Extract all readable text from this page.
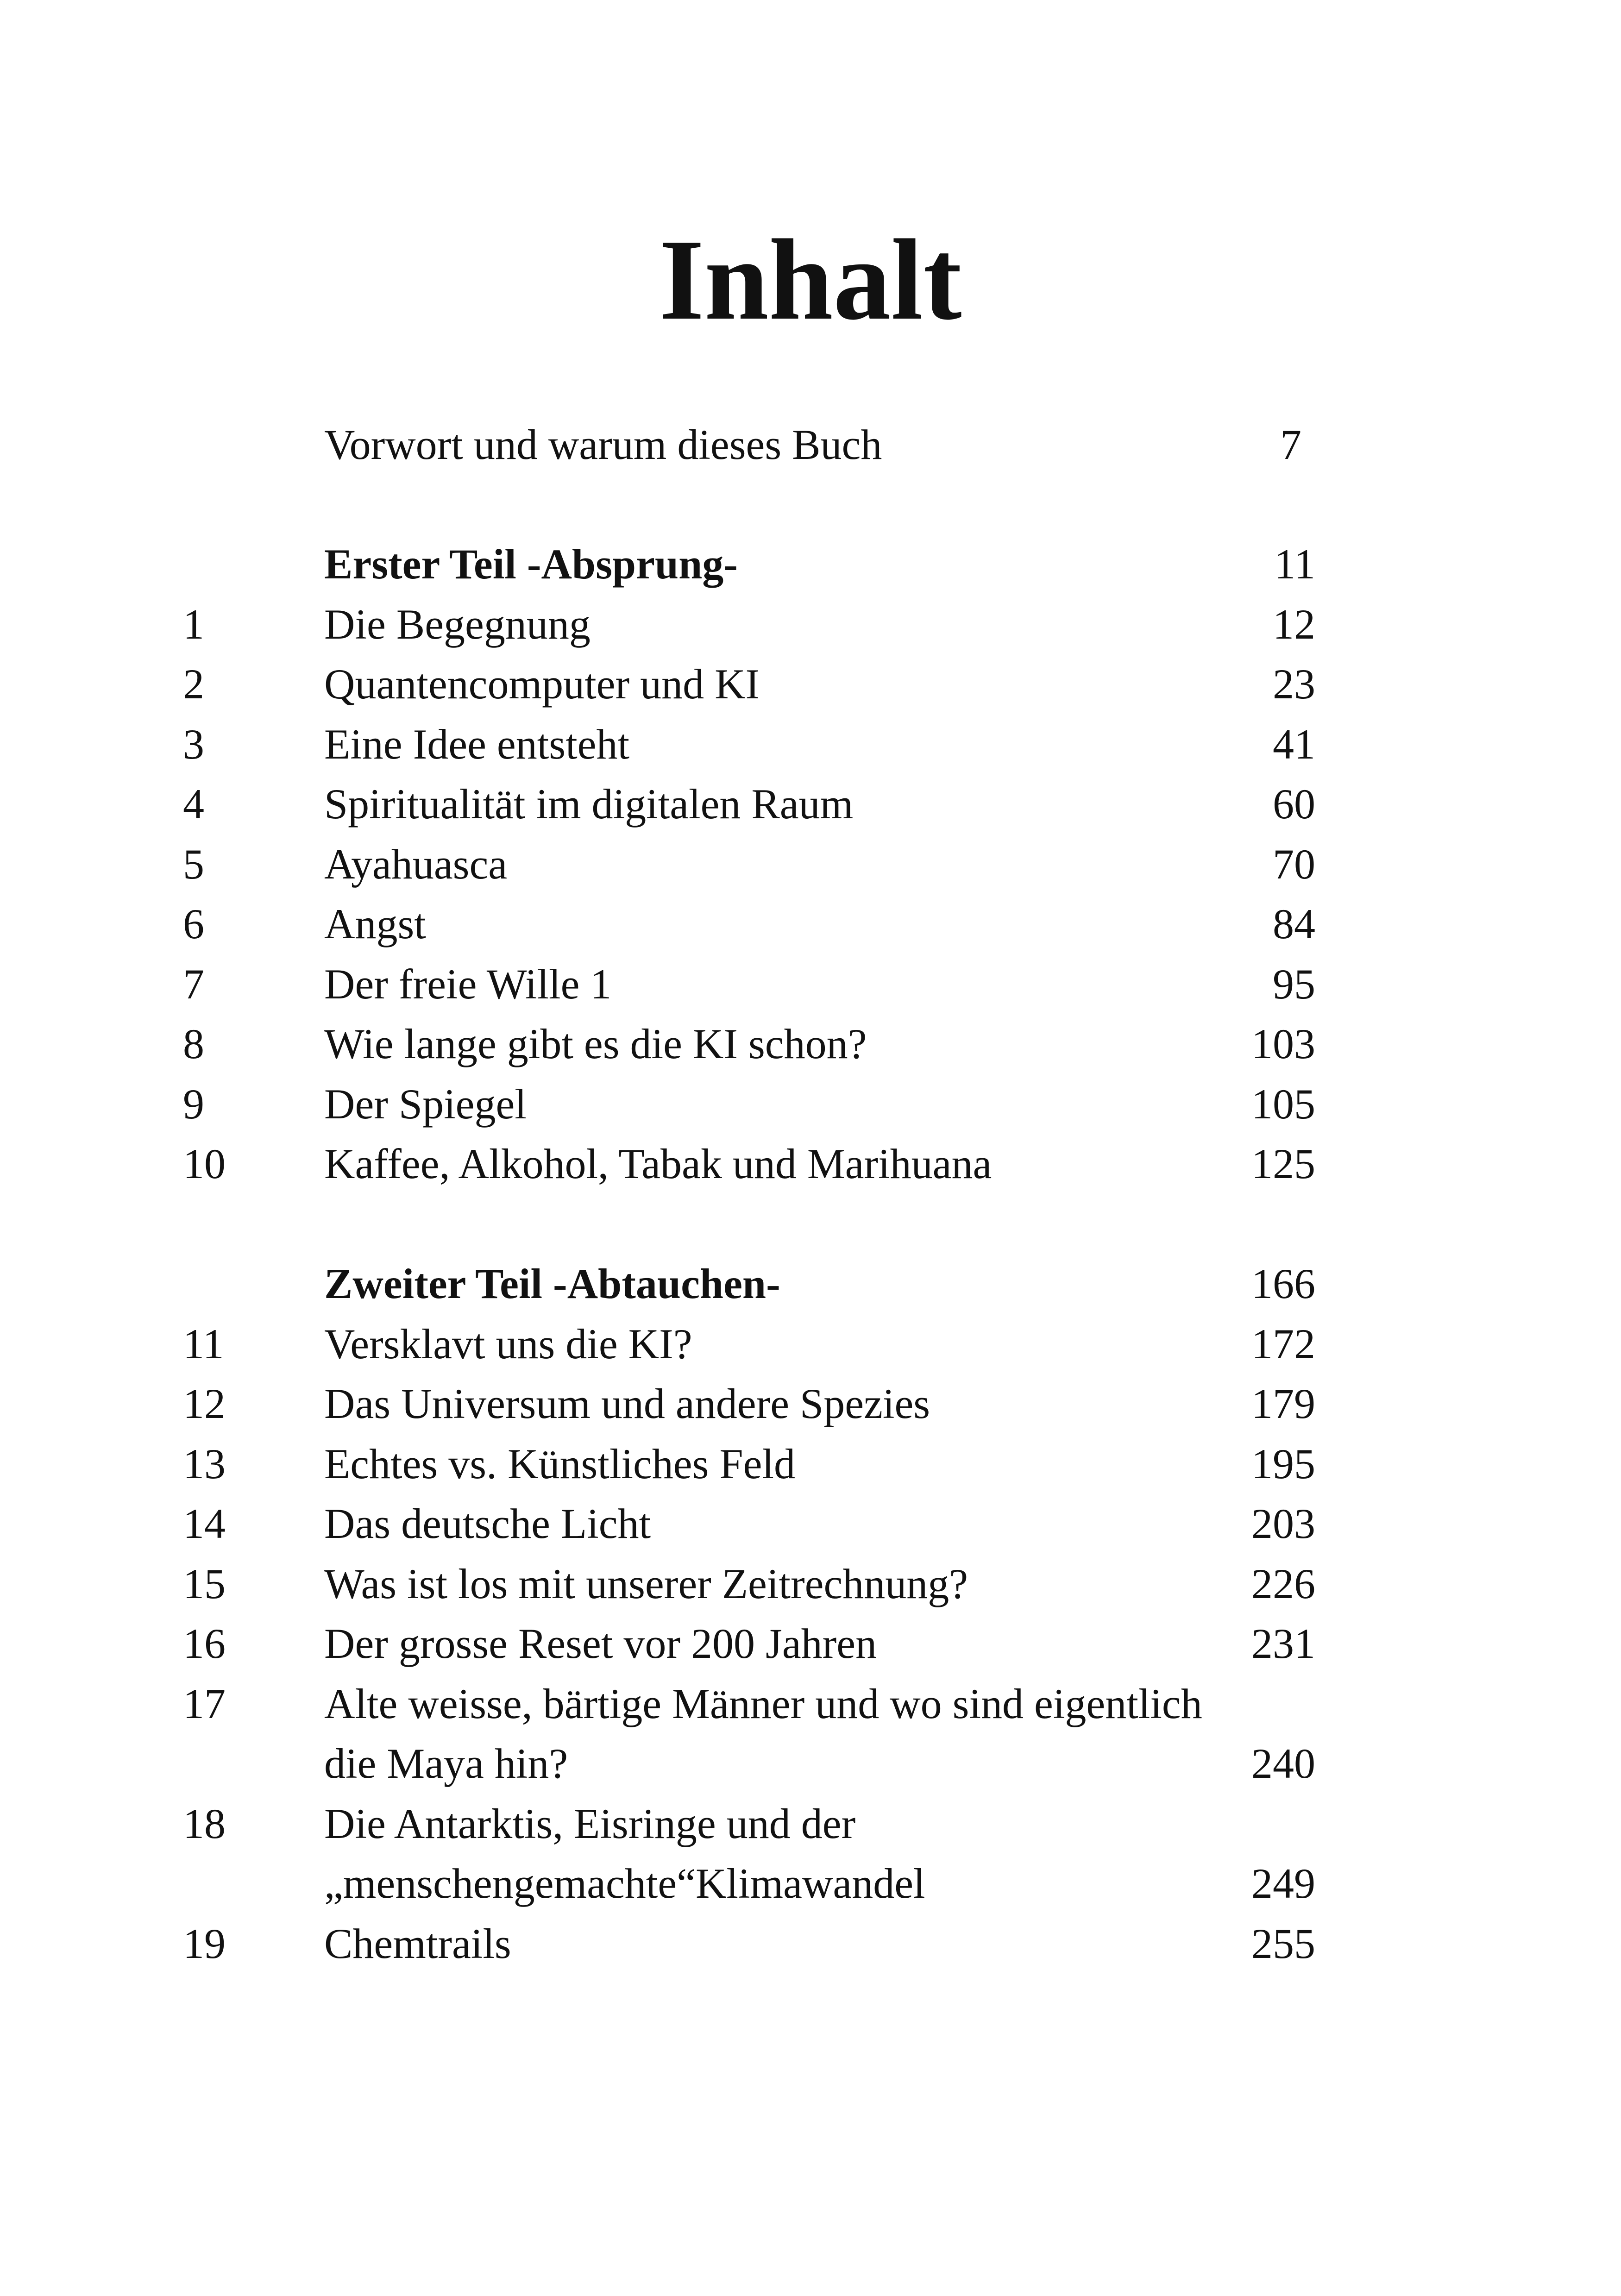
Inhalt
Vorwort und warum dieses Buch	7
Erster Teil -Absprung-	11
1	Die Begegnung	12
2	Quantencomputer und KI	23
3	Eine Idee entsteht	41
4	Spiritualität im digitalen Raum	60
5	Ayahuasca	70
6	Angst	84
7	Der freie Wille 1	95
8	Wie lange gibt es die KI schon?	103
9	Der Spiegel	105
10 Kaffee, Alkohol, Tabak und Marihuana	125
Zweiter Teil -Abtauchen-	166
11 Versklavt uns die KI?	172
12 Das Universum und andere Spezies	179
13 Echtes vs. Künstliches Feld	195
14 Das deutsche Licht	203
15 Was ist los mit unserer Zeitrechnung?	226
16 Der grosse Reset vor 200 Jahren	231
17 Alte weisse, bärtige Männer und wo sind eigentlich
die Maya hin?	240
18 Die Antarktis, Eisringe und der
„menschengemachte“Klimawandel	249
19 Chemtrails	255
